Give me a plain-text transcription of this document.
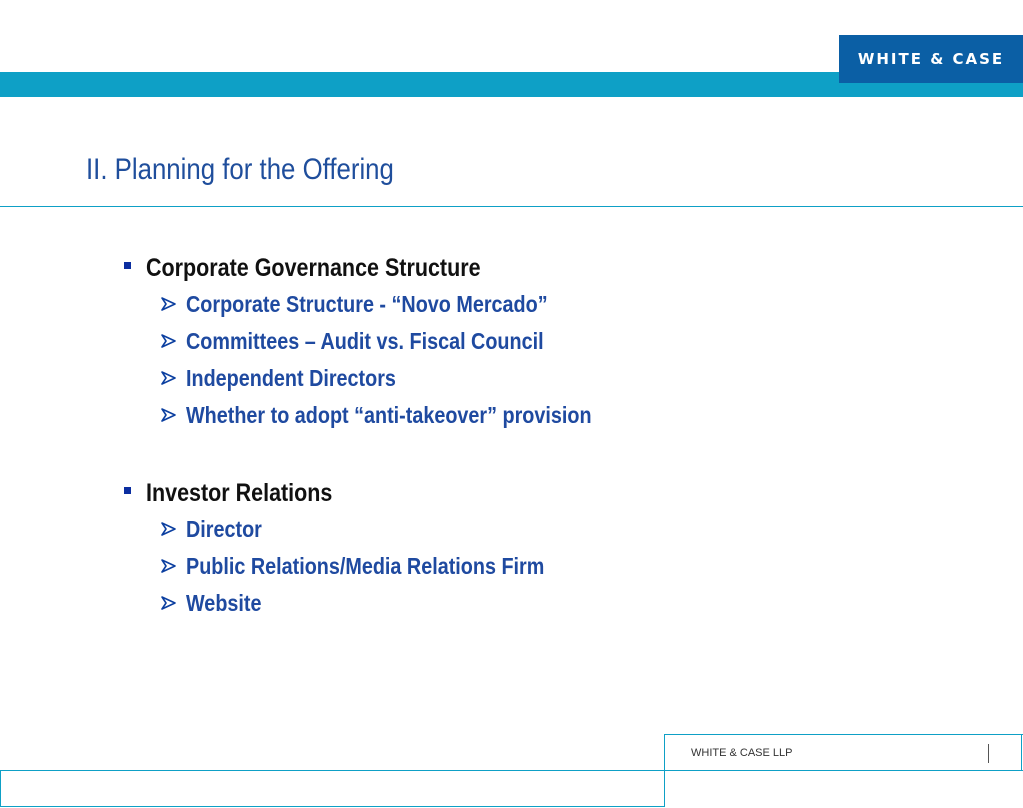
WHITE & CASE
II. Planning for the Offering
Corporate Governance Structure
Corporate Structure - “Novo Mercado”
Committees – Audit vs. Fiscal Council
Independent Directors
Whether to adopt “anti-takeover” provision
Investor Relations
Director
Public Relations/Media Relations Firm
Website
WHITE & CASE LLP
